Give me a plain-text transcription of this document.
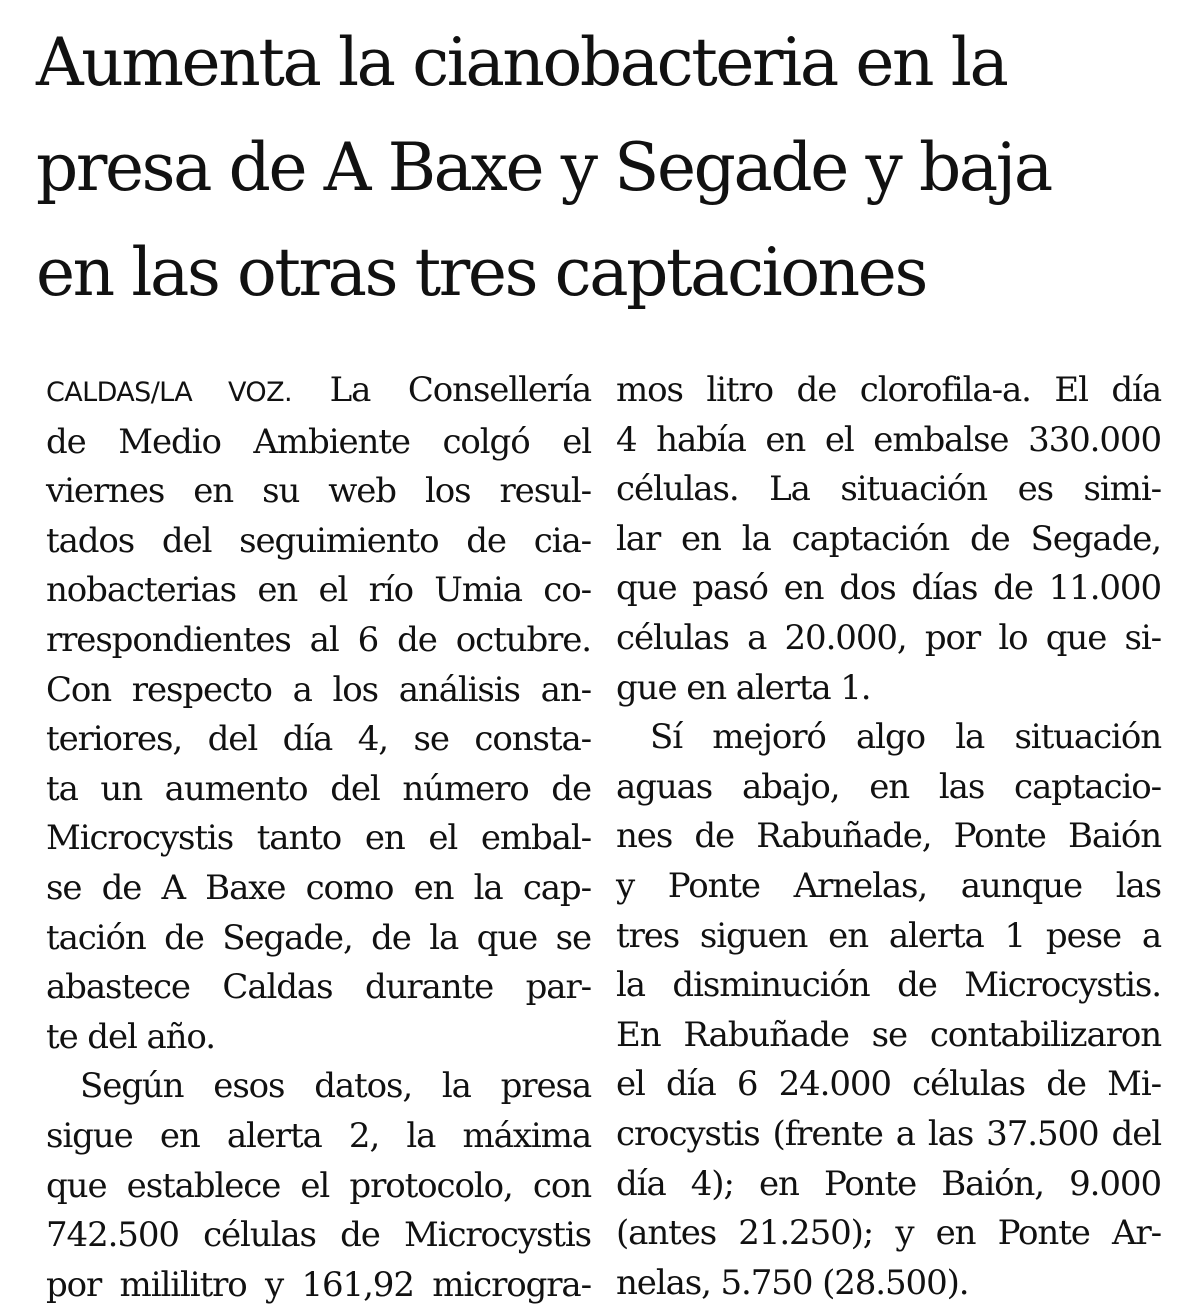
Aumenta la cianobacteria en la
presa de A Baxe y Segade y baja
en las otras tres captaciones

CALDAS/LA VOZ. La Consellería
de Medio Ambiente colgó el
viernes en su web los resul-
tados del seguimiento de cia-
nobacterias en el río Umia co-
rrespondientes al 6 de octubre.
Con respecto a los análisis an-
teriores, del día 4, se consta-
ta un aumento del número de
Microcystis tanto en el embal-
se de A Baxe como en la cap-
tación de Segade, de la que se
abastece Caldas durante par-
te del año.

Según esos datos, la presa
sigue en alerta 2, la máxima
que establece el protocolo, con
742.500 células de Microcystis
por mililitro y 161,92 microgra-

mos litro de clorofila-a. El día
4 había en el embalse 330.000
células. La situación es simi-
lar en la captación de Segade,
que pasó en dos días de 11.000
células a 20.000, por lo que si-
gue en alerta 1.

Sí mejoró algo la situación
aguas abajo, en las captacio-
nes de Rabuñade, Ponte Baión
y Ponte Arnelas, aunque las
tres siguen en alerta 1 pese a
la disminución de Microcystis.
En Rabuñade se contabilizaron
el día 6 24.000 células de Mi-
crocystis (frente a las 37.500 del
día 4); en Ponte Baión, 9.000
(antes 21.250); y en Ponte Ar-
nelas, 5.750 (28.500).
